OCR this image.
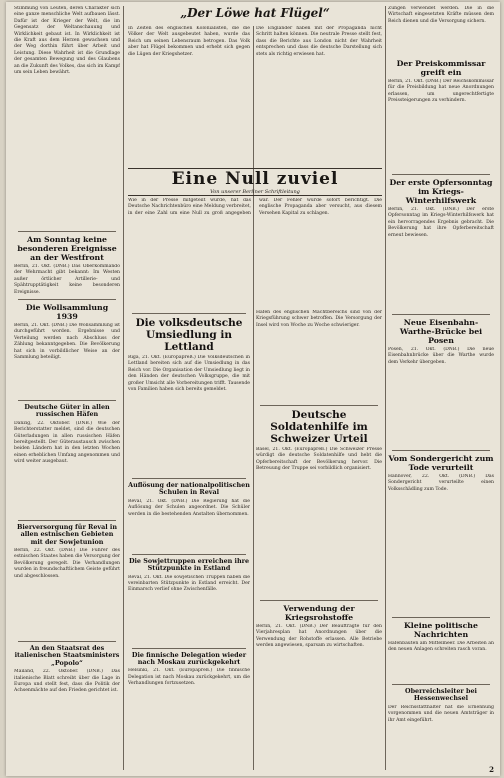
„Der Löwe hat Flügel“

Stimmung von Leuten, deren Charakter sich eine ganze menschliche Welt aufbauen lässt. Dafür ist der Krieger der Welt, die im Gegensatz der Weltanschauung und Wirklichkeit gebaut ist. In Wirklichkeit ist die Kraft aus dem Herzen gewachsen und der Weg dorthin führt über Arbeit und Leistung. Diese Wahrheit ist die Grundlage der gesamten Bewegung und des Glaubens an die Zukunft des Volkes, das sich im Kampf um sein Leben bewährt.

Am Sonntag keine besonderen Ereignisse an der Westfront

Berlin, 21. Okt. (DNB.) Das Oberkommando der Wehrmacht gibt bekannt: Im Westen außer örtlicher Artillerie- und Spähtrupptätigkeit keine besonderen Ereignisse.

Die Wollsammlung 1939

Berlin, 21. Okt. (DNB.) Die Wollsammlung ist durchgeführt worden. Ergebnisse und Verteilung werden nach Abschluss der Zählung bekanntgegeben. Die Bevölkerung hat sich in vorbildlicher Weise an der Sammlung beteiligt.

Deutsche Güter in allen russischen Häfen

Danzig, 22. Oktober. (DNB.) Wie der Berichterstatter meldet, sind die deutschen Güterladungen in allen russischen Häfen bereitgestellt. Der Güteraustausch zwischen beiden Ländern hat in den letzten Wochen einen erheblichen Umfang angenommen und wird weiter ausgebaut.

Bierversorgung für Reval in allen estnischen Gebieten mit der Sowjetunion

Berlin, 22. Okt. (DNB.) Die Führer des estnischen Staates haben die Versorgung der Bevölkerung geregelt. Die Verhandlungen wurden in freundschaftlichem Geiste geführt und abgeschlossen.

An den Staatsrat des italienischen Staatsministers „Popolo“

Mailand, 22. Oktober. (DNB.) Das italienische Blatt schreibt über die Lage in Europa und stellt fest, dass die Politik der Achsenmächte auf den Frieden gerichtet ist.

In Zeiten des englischen Kolonialisten, die die Völker der Welt ausgebeutet haben, wurde das Reich um seinen Lebensraum betrogen. Das Volk aber hat Flügel bekommen und erhebt sich gegen die Lügen der Kriegshetzer.

Die Engländer haben mit der Propaganda nicht Schritt halten können. Die neutrale Presse stellt fest, dass die Berichte aus London nicht der Wahrheit entsprechen und dass die deutsche Darstellung sich stets als richtig erwiesen hat.

Eine Null zuviel
Von unserer Berliner Schriftleitung

Wie in der Presse mitgeteilt wurde, hat das Deutsche Nachrichtenbüro eine Meldung verbreitet, in der eine Zahl um eine Null zu groß angegeben war. Der Fehler wurde sofort berichtigt. Die englische Propaganda aber versucht, aus diesem Versehen Kapital zu schlagen.

Die volksdeutsche Umsiedlung in Lettland

Riga, 21. Okt. (Europapreß.) Die Volksdeutschen in Lettland bereiten sich auf die Umsiedlung in das Reich vor. Die Organisation der Umsiedlung liegt in den Händen der deutschen Volksgruppe, die mit großer Umsicht alle Vorbereitungen trifft. Tausende von Familien haben sich bereits gemeldet.

Auflösung der nationalpolitischen Schulen in Reval

Reval, 21. Okt. (DNB.) Die Regierung hat die Auflösung der Schulen angeordnet. Die Schüler werden in die bestehenden Anstalten übernommen.

Die Sowjettruppen erreichen ihre Stützpunkte in Estland

Reval, 21. Okt. Die sowjetischen Truppen haben die vereinbarten Stützpunkte in Estland erreicht. Der Einmarsch verlief ohne Zwischenfälle.

Die finnische Delegation wieder nach Moskau zurückgekehrt

Helsinki, 21. Okt. (Europapreß.) Die finnische Delegation ist nach Moskau zurückgekehrt, um die Verhandlungen fortzusetzen.

Häfen des englischen Machtbereichs sind von der Kriegsführung schwer betroffen. Die Versorgung der Insel wird von Woche zu Woche schwieriger.

Deutsche Soldatenhilfe im Schweizer Urteil

Basel, 21. Okt. (Europapreß.) Die Schweizer Presse würdigt die deutsche Soldatenhilfe und hebt die Opferbereitschaft der Bevölkerung hervor. Die Betreuung der Truppe sei vorbildlich organisiert.

Verwendung der Kriegsrohstoffe

Berlin, 21. Okt. (DNB.) Der Beauftragte für den Vierjahresplan hat Anordnungen über die Verwendung der Rohstoffe erlassen. Alle Betriebe werden angewiesen, sparsam zu wirtschaften.

Zungen verwendet werden. Die in die Wirtschaft eingesetzten Kräfte müssen dem Reich dienen und die Versorgung sichern.

Der Preiskommissar greift ein

Berlin, 21. Okt. (DNB.) Der Reichskommissar für die Preisbildung hat neue Anordnungen erlassen, um ungerechtfertigte Preissteigerungen zu verhindern.

Der erste Opfersonntag im Kriegs-Winterhilfswerk

Berlin, 21. Okt. (DNB.) Der erste Opfersonntag im Kriegs-Winterhilfswerk hat ein hervorragendes Ergebnis gebracht. Die Bevölkerung hat ihre Opferbereitschaft erneut bewiesen.

Neue Eisenbahn-Warthe-Brücke bei Posen

Posen, 21. Okt. (DNB.) Die neue Eisenbahnbrücke über die Warthe wurde dem Verkehr übergeben.

Vom Sondergericht zum Tode verurteilt

Hannover, 22. Okt. (DNB.) Das Sondergericht verurteilte einen Volksschädling zum Tode.

Kleine politische Nachrichten

Hafenbauten am Mittelmeer. Die Arbeiten an den neuen Anlagen schreiten rasch voran.

Oberreichsleiter bei Hessenwechsel

Der Reichsstatthalter hat die Ernennung vorgenommen und die neuen Amtsträger in ihr Amt eingeführt.

2
